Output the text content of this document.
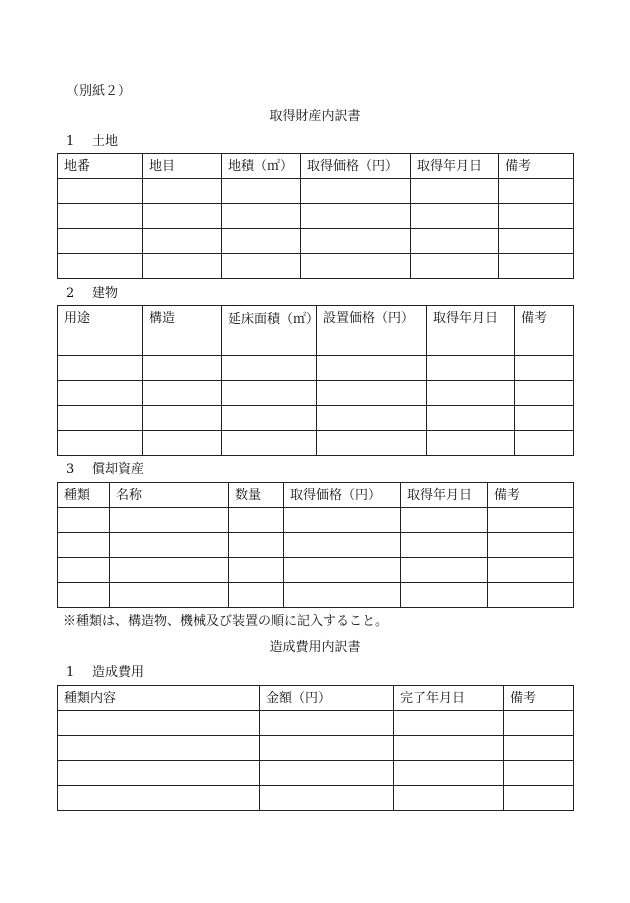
（別紙２）
取得財産内訳書
1 土地
地番	地目	地積（㎡）	取得価格（円）	取得年月日	備考

2 建物
用途	構造	延床面積（㎡）	設置価格（円）	取得年月日	備考

3 償却資産
種類	名称	数量	取得価格（円）	取得年月日	備考

※種類は、構造物、機械及び装置の順に記入すること。
造成費用内訳書
1 造成費用
種類内容	金額（円）	完了年月日	備考
